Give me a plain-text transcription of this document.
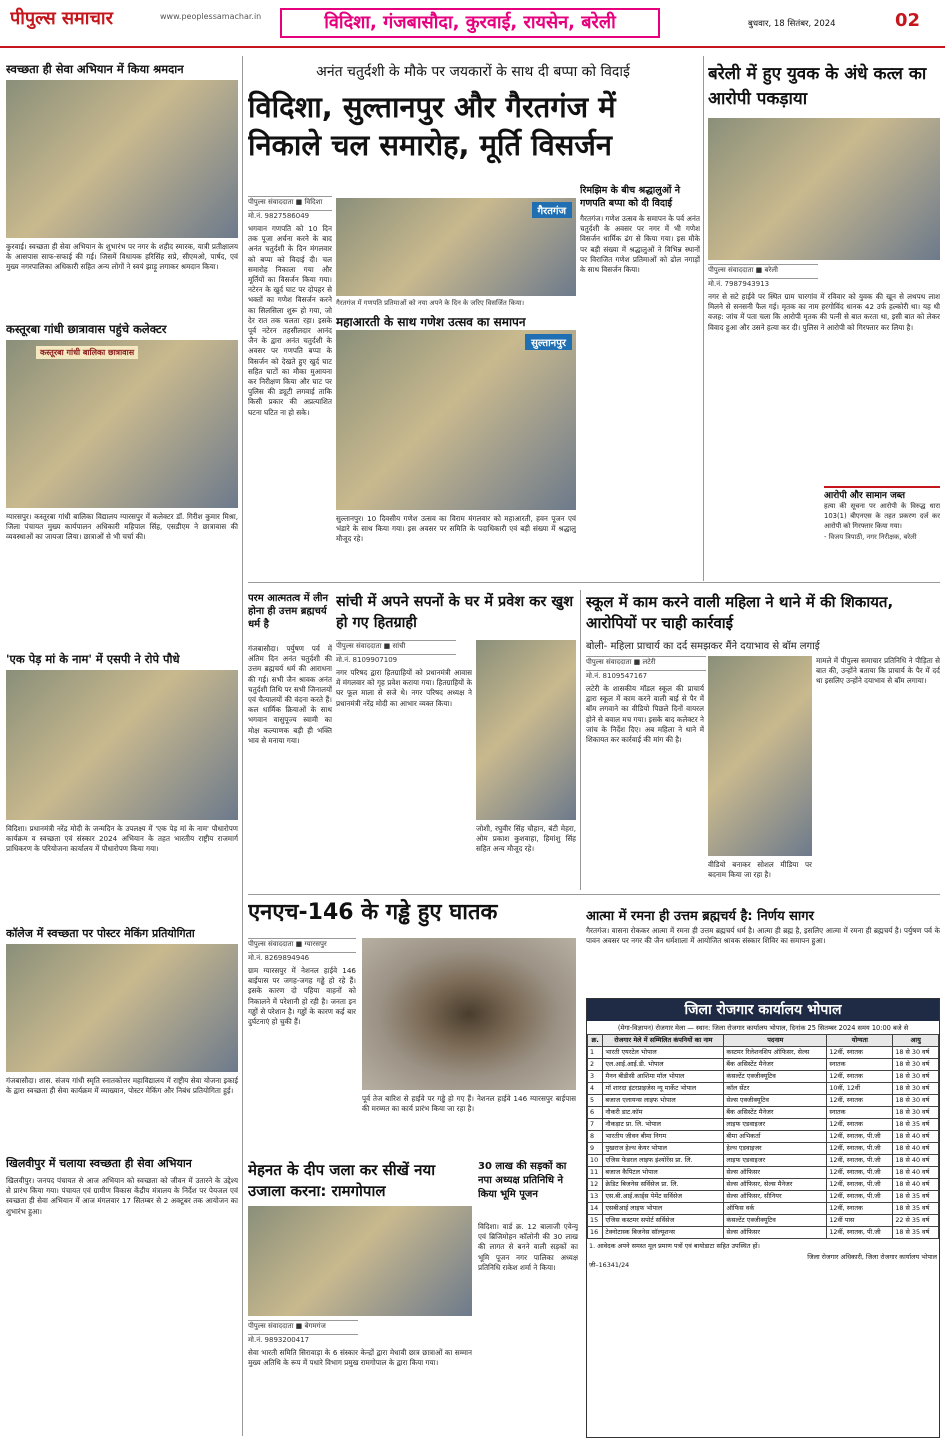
पीपुल्स समाचार	www.peoplessamachar.in	विदिशा, गंजबासौदा, कुरवाई, रायसेन, बरेली	बुधवार, 18 सितंबर, 2024	02
स्वच्छता ही सेवा अभियान में किया श्रमदान
कुरवाई। स्वच्छता ही सेवा अभियान के शुभारंभ पर नगर के शहीद स्मारक, यात्री प्रतीक्षालय के आसपास साफ-सफाई की गई। जिसमें विधायक हरिसिंह सप्रे, सीएमओ, पार्षद, एवं मुख्य नगरपालिका अधिकारी सहित अन्य लोगों ने स्वयं झाड़ू लगाकर श्रमदान किया।
कस्तूरबा गांधी छात्रावास पहुंचे कलेक्टर
कस्तूरबा गांधी बालिका छात्रावास
ग्यारसपुर। कस्तूरबा गांधी बालिका विद्यालय ग्यारसपुर में कलेक्टर डॉ. गिरीश कुमार मिश्रा, जिला पंचायत मुख्य कार्यपालन अधिकारी महिपाल सिंह, एसडीएम ने छात्रावास की व्यवस्थाओं का जायजा लिया। छात्राओं से भी चर्चा की।
'एक पेड़ मां के नाम' में एसपी ने रोपे पौधे
विदिशा। प्रधानमंत्री नरेंद्र मोदी के जन्मदिन के उपलक्ष्य में 'एक पेड़ मां के नाम' पौधारोपण कार्यक्रम व स्वच्छता एवं संस्कार 2024 अभियान के तहत भारतीय राष्ट्रीय राजमार्ग प्राधिकरण के परियोजना कार्यालय में पौधारोपण किया गया।
कॉलेज में स्वच्छता पर पोस्टर मेकिंग प्रतियोगिता
गंजबासौदा। शास. संजय गांधी स्मृति स्नातकोत्तर महाविद्यालय में राष्ट्रीय सेवा योजना इकाई के द्वारा स्वच्छता ही सेवा कार्यक्रम में व्याख्यान, पोस्टर मेकिंग और निबंध प्रतियोगिता हुई।
खिलवीपुर में चलाया स्वच्छता ही सेवा अभियान
खिलवीपुर। जनपद पंचायत से आज अभियान को स्वच्छता को जीवन में उतारने के उद्देश्य से प्रारंभ किया गया। पंचायत एवं ग्रामीण विकास केंद्रीय मंत्रालय के निर्देश पर पेयजल एवं स्वच्छता ही सेवा अभियान में आज मंगलवार 17 सितम्बर से 2 अक्टूबर तक आयोजन का शुभारंभ हुआ।
अनंत चतुर्दशी के मौके पर जयकारों के साथ दी बप्पा को विदाई
विदिशा, सुल्तानपुर और गैरतगंज में निकाले चल समारोह, मूर्ति विसर्जन
पीपुल्स संवाददाता ■ विदिशा
मो.नं. 9827586049
भगवान गणपति को 10 दिन तक पूजा अर्चना करने के बाद अनंत चतुर्दशी के दिन मंगलवार को बप्पा को विदाई दी। चल समारोह निकाला गया और मूर्तियों का विसर्जन किया गया। नटेरन के खुर्द घाट पर दोपहर से भक्तों का गणेश विसर्जन करने का सिलसिला शुरू हो गया, जो देर रात तक चलता रहा। इसके पूर्व नटेरन तहसीलदार आनंद जैन के द्वारा अनंत चतुर्दशी के अवसर पर गणपति बप्पा के विसर्जन को देखते हुए खुर्द घाट सहित घाटों का मौका मुआयना कर निरीक्षण किया और घाट पर पुलिस की ड्यूटी लगवाई ताकि किसी प्रकार की अप्रत्याशित घटना घटित ना हो सके।
गैरतगंज
गैरतगंज में गणपति प्रतिमाओं को नया अपने के दिन के जरिए विसर्जित किया।
महाआरती के साथ गणेश उत्सव का समापन
सुल्तानपुर
सुल्तानपुर। 10 दिवसीय गणेश उत्सव का विराम मंगलवार को महाआरती, हवन पूजन एवं भंडारे के साथ किया गया। इस अवसर पर समिति के पदाधिकारी एवं बड़ी संख्या में श्रद्धालु मौजूद रहे।
रिमझिम के बीच श्रद्धालुओं ने गणपति बप्पा को दी विदाई
गैरतगंज। गणेश उत्सव के समापन के पर्व अनंत चतुर्दशी के अवसर पर नगर में भी गणेश विसर्जन धार्मिक ढंग से किया गया। इस मौके पर बड़ी संख्या में श्रद्धालुओं ने विभिन्न स्थानों पर विराजित गणेश प्रतिमाओं को ढोल नगाड़ों के साथ विसर्जन किया।
बरेली में हुए युवक के अंधे कत्ल का आरोपी पकड़ाया
पीपुल्स संवाददाता ■ बरेली
मो.नं. 7987943913
नगर से सटे हाईवे पर स्थित ग्राम चारगांव में रविवार को युवक की खून से लथपथ लाश मिलने से सनसनी फैल गई। मृतक का नाम हरगोविंद धानक 42 उर्फ हल्कोरी था। यह थी वजह: जांच में पता चला कि आरोपी मृतक की पत्नी से बात करता था, इसी बात को लेकर विवाद हुआ और उसने हत्या कर दी। पुलिस ने आरोपी को गिरफ्तार कर लिया है।
आरोपी और सामान जब्त
हत्या की सूचना पर आरोपी के विरुद्ध धारा 103(1) बीएनएस के तहत प्रकरण दर्ज कर आरोपी को गिरफ्तार किया गया।
- विजय त्रिपाठी, नगर निरीक्षक, बरेली
परम आत्मतत्व में लीन होना ही उत्तम ब्रह्मचर्य धर्म है
गंजबासौदा। पर्युषण पर्व में अंतिम दिन अनंत चतुर्दशी की उत्तम ब्रह्मचर्य धर्म की आराधना की गई। सभी जैन श्रावक अनंत चतुर्दशी तिथि पर सभी जिनालयों एवं चैत्यालयों की वंदना करते हैं। कल धार्मिक क्रियाओं के साथ भगवान वासुपूज्य स्वामी का मोक्ष कल्याणक बड़ी ही भक्ति भाव से मनाया गया।
सांची में अपने सपनों के घर में प्रवेश कर खुश हो गए हितग्राही
पीपुल्स संवाददाता ■ सांची
मो.नं. 8109907109
नगर परिषद द्वारा हितग्राहियों को प्रधानमंत्री आवास में मंगलवार को गृह प्रवेश कराया गया। हितग्राहियों के घर फूल माला से सजे थे। नगर परिषद अध्यक्ष ने प्रधानमंत्री नरेंद्र मोदी का आभार व्यक्त किया।
जोशी, रघुवीर सिंह चौहान, बंटी मेहरा, ओम प्रकाश कुशवाहा, हिमांशु सिंह सहित अन्य मौजूद रहे।
स्कूल में काम करने वाली महिला ने थाने में की शिकायत, आरोपियों पर चाही कार्रवाई
बोली- महिला प्राचार्य का दर्द समझकर मैंने दयाभाव से बॉम लगाई
पीपुल्स संवाददाता ■ लटेरी
मो.नं. 8109547167
लटेरी के शासकीय मॉडल स्कूल की प्राचार्य द्वारा स्कूल में काम करने वाली बाई से पैर में बॉम लगवाने का वीडियो पिछले दिनों वायरल होने से बवाल मच गया। इसके बाद कलेक्टर ने जांच के निर्देश दिए। अब महिला ने थाने में शिकायत कर कार्रवाई की मांग की है।
वीडियो बनाकर सोशल मीडिया पर बदनाम किया जा रहा है।
मामले में पीपुल्स समाचार प्रतिनिधि ने पीड़िता से बात की, उन्होंने बताया कि प्राचार्य के पैर में दर्द था इसलिए उन्होंने दयाभाव से बॉम लगाया।
एनएच-146 के गड्ढे हुए घातक
पीपुल्स संवाददाता ■ ग्यारसपुर
मो.नं. 8269894946
ग्राम ग्यारसपुर में नेशनल हाईवे 146 बाईपास पर जगह-जगह गड्ढे हो रहे हैं। इसके कारण दो पहिया वाहनों को निकालने में परेशानी हो रही है। जनता इन गड्ढों से परेशान है। गड्ढों के कारण कई बार दुर्घटनाएं हो चुकी हैं।
पूर्व तेज बारिश से हाईवे पर गड्ढे हो गए हैं। नेशनल हाईवे 146 ग्यारसपुर बाईपास की मरम्मत का कार्य प्रारंभ किया जा रहा है।
आत्मा में रमना ही उत्तम ब्रह्मचर्य है: निर्णय सागर
गैरतगंज। वासना रोककर आत्मा में रमना ही उत्तम ब्रह्मचर्य धर्म है। आत्मा ही ब्रह्म है, इसलिए आत्मा में रमना ही ब्रह्मचर्य है। पर्युषण पर्व के पावन अवसर पर नगर की जैन धर्मशाला में आयोजित श्रावक संस्कार शिविर का समापन हुआ।
जिला रोजगार कार्यालय भोपाल
(मेगा-विज्ञापन) रोजगार मेला — स्थान: जिला रोजगार कार्यालय भोपाल, दिनांक 25 सितम्बर 2024 समय 10:00 बजे से
क्र.	रोजगार मेले में सम्मिलित कंपनियों का नाम	पदनाम	योग्यता	आयु
1	भारती एयरटेल भोपाल	कस्टमर रिलेशनशिप ऑफिसर, सेल्स	12वीं, स्नातक	18 से 30 वर्ष
2	एल.आई.आई.डी. भोपाल	बैंक असिस्टेंट मैनेजर	स्नातक	18 से 30 वर्ष
3	मैनन बीडीसी आशिमा मॉल भोपाल	कंसल्टेंट एक्जीक्यूटिव	12वीं, स्नातक	18 से 30 वर्ष
4	मॉ शारदा इंटरप्राइजेस न्यू मार्केट भोपाल	कॉल सेंटर	10वीं, 12वीं	18 से 30 वर्ष
5	बजाज एलायन्स लाइफ भोपाल	सेल्स एक्जीक्यूटिव	12वीं, स्नातक	18 से 30 वर्ष
6	नौकरी डाट.कॉम	बैंक असिस्टेंट मैनेजर	स्नातक	18 से 30 वर्ष
7	नौकड़ाट प्रा. लि. भोपाल	लाइफ एडवाइजर	12वीं, स्नातक	18 से 35 वर्ष
8	भारतीय जीवन बीमा निगम	बीमा अभिकर्ता	12वीं, स्नातक, पी.जी	18 से 40 वर्ष
9	पुखराज हेल्थ केयर भोपाल	हेल्थ एडवाइजर	12वीं, स्नातक, पी.जी	18 से 40 वर्ष
10	एजिस फेडरल लाइफ इंश्योरेंस प्रा. लि.	लाइफ एडवाइजर	12वीं, स्नातक, पी.जी	18 से 40 वर्ष
11	बजाज कैपिटल भोपाल	सेल्स ऑफिसर	12वीं, स्नातक, पी.जी	18 से 40 वर्ष
12	क्रेडिट बिजनेस सर्विसेज प्रा. लि.	सेल्स ऑफिसर, सेल्स मैनेजर	12वीं, स्नातक, पी.जी	18 से 40 वर्ष
13	एस.बी.आई.कार्ड्स पेमेंट सर्विसेज	सेल्स ऑफिसर, सीनियर	12वीं, स्नातक, पी.जी	18 से 35 वर्ष
14	एसबीआई लाइफ भोपाल	ऑफिस वर्क	12वीं, स्नातक	18 से 35 वर्ष
15	एजिस कस्टमर सपोर्ट सर्विसेज	कंसल्टेंट एक्जीक्यूटिव	12वीं पास	22 से 35 वर्ष
16	टेक्नोटास्क बिजनेस सॉल्यूशन्स	सेल्स ऑफिसर	12वीं, स्नातक, पी.जी	18 से 35 वर्ष
1. आवेदक अपने समस्त मूल प्रमाण पत्रों एवं बायोडाटा सहित उपस्थित हों।
जी–16341/24
जिला रोजगार अधिकारी, जिला रोजगार कार्यालय भोपाल
मेहनत के दीप जला कर सीखें नया उजाला करना: रामगोपाल
पीपुल्स संवाददाता ■ बेगमगंज
मो.नं. 9893200417
सेवा भारती समिति सिरावाड़ा के 6 संस्कार केन्द्रों द्वारा मेधावी छात्र छात्राओं का सम्मान मुख्य अतिथि के रूप में पधारे विभाग प्रमुख रामगोपाल के द्वारा किया गया।
30 लाख की सड़कों का नपा अध्यक्ष प्रतिनिधि ने किया भूमि पूजन
विदिशा। वार्ड क्र. 12 बालाजी एवेन्यू एवं ब्रिजिमोहन कॉलोनी की 30 लाख की लागत से बनने वाली सड़कों का भूमि पूजन नगर पालिका अध्यक्ष प्रतिनिधि राकेश शर्मा ने किया।
